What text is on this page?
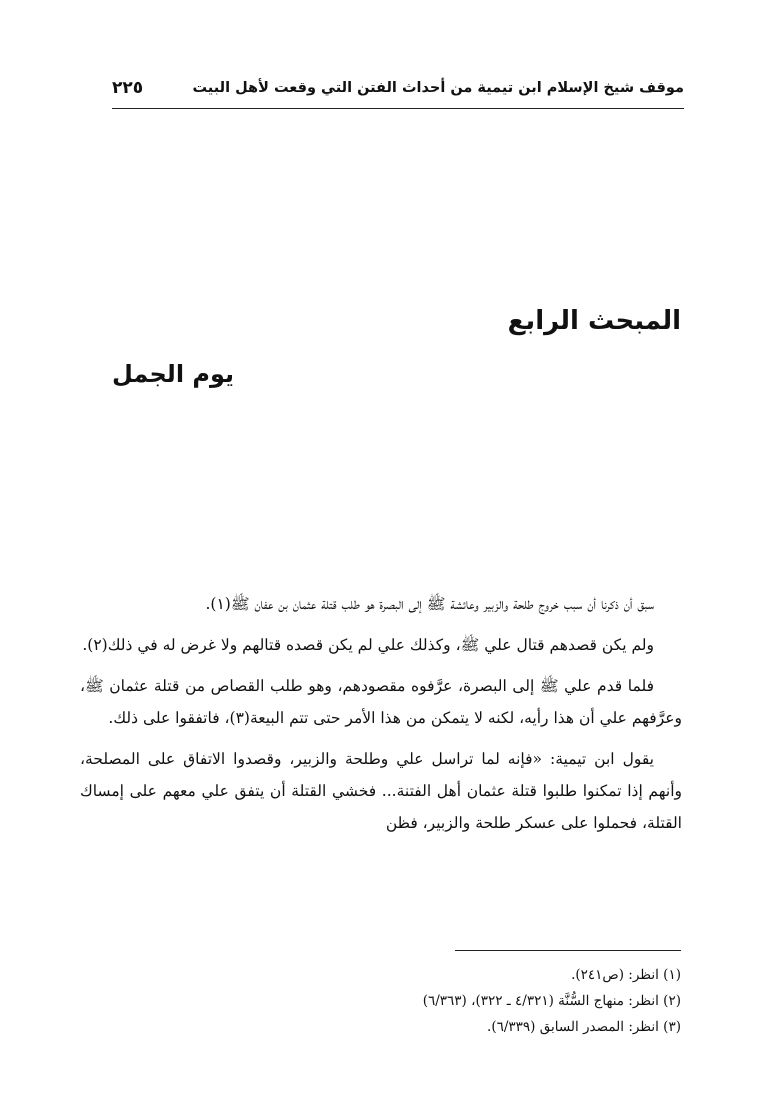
موقف شيخ الإسلام ابن تيمية من أحداث الفتن التي وقعت لأهل البيت
٢٢٥
المبحث الرابع
يوم الجمل

سبق أن ذكرنا أن سبب خروج طلحة والزبير وعائشة ﷺ إلى البصرة هو طلب قتلة عثمان بن عفان ﷺ(١).

ولم يكن قصدهم قتال علي ﷺ، وكذلك علي لم يكن قصده قتالهم ولا غرض له في ذلك(٢).

فلما قدم علي ﷺ إلى البصرة، عرَّفوه مقصودهم، وهو طلب القصاص من قتلة عثمان ﷺ، وعرَّفهم علي أن هذا رأيه، لكنه لا يتمكن من هذا الأمر حتى تتم البيعة(٣)، فاتفقوا على ذلك.

يقول ابن تيمية: «فإنه لما تراسل علي وطلحة والزبير، وقصدوا الاتفاق على المصلحة، وأنهم إذا تمكنوا طلبوا قتلة عثمان أهل الفتنة... فخشي القتلة أن يتفق علي معهم على إمساك القتلة، فحملوا على عسكر طلحة والزبير، فظن

(١) انظر: (ص٢٤١).
(٢) انظر: منهاج السُّنَّة (٤/٣٢١ ـ ٣٢٢)، (٦/٣٦٣)
(٣) انظر: المصدر السابق (٦/٣٣٩).
